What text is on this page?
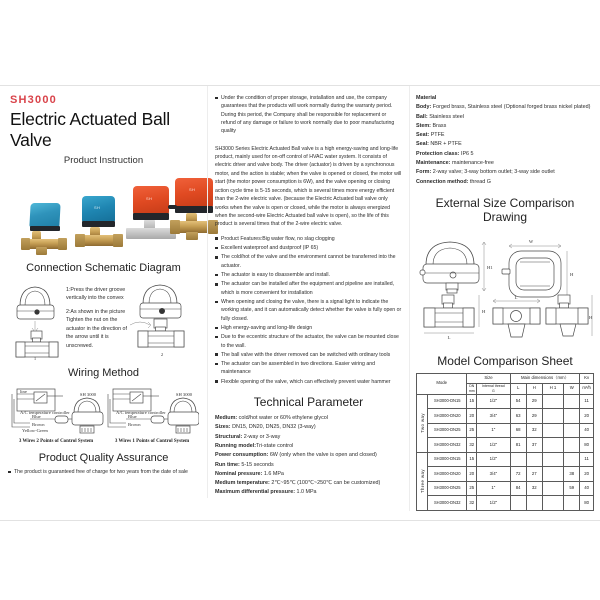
SH3000
Electric Actuated Ball Valve
Product Instruction
SH
SH
SH
Connection Schematic Diagram
1
2
1:Press the driver groove vertically into the convex
2:As shown in the picture Tighten the nut on the actuator in the direction of the arrow until it is unscrewed.
Wiring Method
line
A/C temperature controller
Blue
Brown
Yellow-Green
SH 3000
3 Wires 2 Points of Control System
A/C temperature controller
Blue
Brown
SH 3000
3 Wires 1 Points of Control System
Product Quality Assurance
The product is guaranteed free of charge for two years from the date of sale
Under the condition of proper storage, installation and use, the company guarantees that the products will work normally during the warranty period. During this period, the Company shall be responsible for replacement or refund of any damage or failure to work normally due to poor manufacturing quality
SH3000 Series Electric Actuated Ball valve is a high energy-saving and long-life product, mainly used for on-off control of HVAC water system. It consists of electric driver and valve body. The driver (actuator) is driven by a synchronous motor, and the action is stable; when the valve is opened or closed, the motor will start (the motor power consumption is 6W), and the valve opening or closing action cycle time is 5-15 seconds, which is several times more energy efficient than the 2-wire electric valve. (because the Electric Actuated ball valve only works when the valve is open or closed, while the motor is always energized when the second-wire Electric Actuated ball valve is open), so the life of this product is several times that of the 2-wire electric valve.
Product Features:Big water flow, no slag clogging
Excellent waterproof and dustproof (IP 65)
The cold/hot of the valve and the environment cannot be transferred into the actuator.
The actuator is easy to disassemble and install.
The actuator can be installed after the equipment and pipeline are installed, which is more convenient for installation
When opening and closing the valve, there is a signal light to indicate the working state, and it can automatically detect whether the valve is fully open or fully closed.
High energy-saving and long-life design
Due to the eccentric structure of the actuator, the valve can be mounted close to the wall.
The ball valve with the driver removed can be switched with ordinary tools
The actuator can be assembled in two directions. Easier wiring and maintenance
Flexible opening of the valve, which can effectively prevent water hammer
Technical Parameter
Medium: cold/hot water or 60% ethylene glycol
Sizes: DN15, DN20, DN25, DN32 (3-way)
Structural: 2-way or 3-way
Running model:Tri-state control
Power consumption: 6W (only when the valve is open and closed)
Run time: 5-15 seconds
Nominal pressure: 1.6 MPa
Medium temperature: 2℃~95℃ (100℃~250℃ can be customized)
Maximum differential pressure: 1.0 MPa
Material
Body: Forged brass, Stainless steel (Optional forged brass nickel plated)
Ball: Stainless steel
Stem: Brass
Seat: PTFE
Seal: NBR + PTFE
Protection class: IP6 5
Maintenance: maintenance-free
Form: 2-way valve; 3-way bottom outlet; 3-way side outlet
Connection method: thread G
External Size Comparison Drawing
H1
W
H
L
H
L
H
Model Comparison Sheet
Mode		Size		Main dimensions（mm）				Kv
		DN
mm	Internal thread
G	L	H	H 1	W	m³/h
Two way	SH3000-DN15	15	1/2"	54	29			11
	SH3000-DN20	20	3/4"	63	29			20
	SH3000-DN25	25	1"	68	32			40
	SH3000-DN32	32	1/2"	81	37			80
Three way	SH3000-DN15	15	1/2"					11
	SH3000-DN20	20	3/4"	72	27		38	20
	SH3000-DN25	25	1"	84	32		59	40
	SH3000-DN32	32	1/2"					80
